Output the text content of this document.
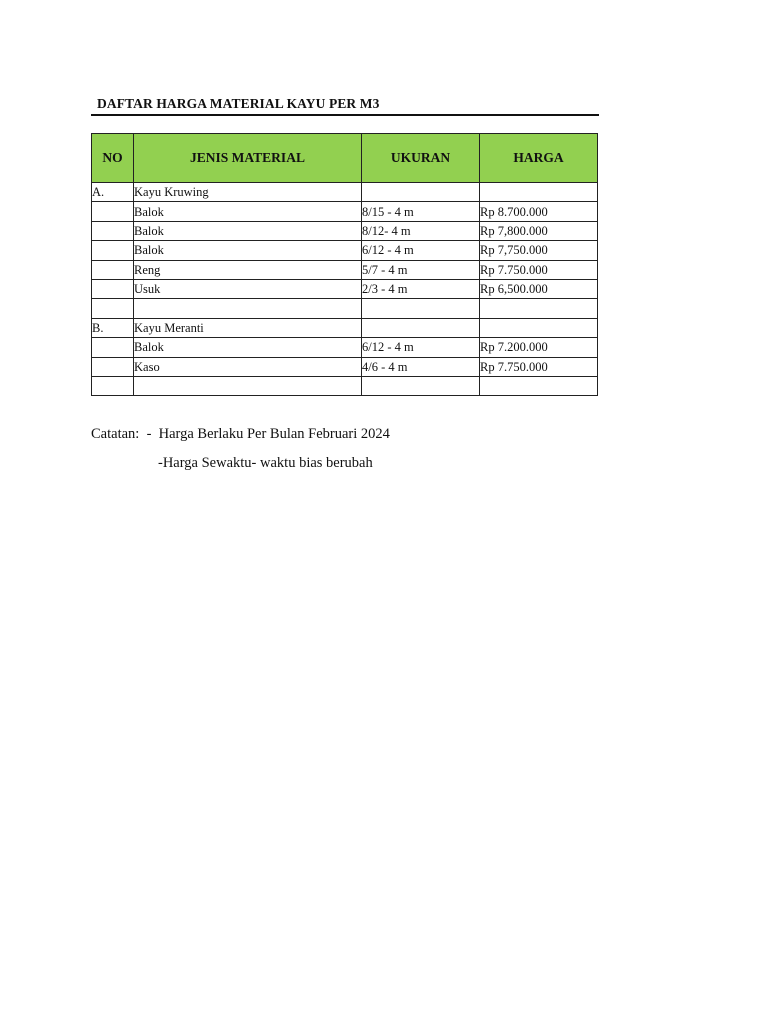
DAFTAR HARGA MATERIAL KAYU PER M3
NO	JENIS MATERIAL	UKURAN	HARGA
A.	Kayu Kruwing		
	Balok	8/15 - 4 m	Rp 8.700.000
	Balok	8/12- 4 m	Rp 7,800.000
	Balok	6/12 - 4 m	Rp 7,750.000
	Reng	5/7 - 4 m	Rp 7.750.000
	Usuk	2/3 - 4 m	Rp 6,500.000

B.	Kayu Meranti		
	Balok	6/12 - 4 m	Rp 7.200.000
	Kaso	4/6 - 4 m	Rp 7.750.000

Catatan:  -  Harga Berlaku Per Bulan Februari 2024
-Harga Sewaktu- waktu bias berubah
